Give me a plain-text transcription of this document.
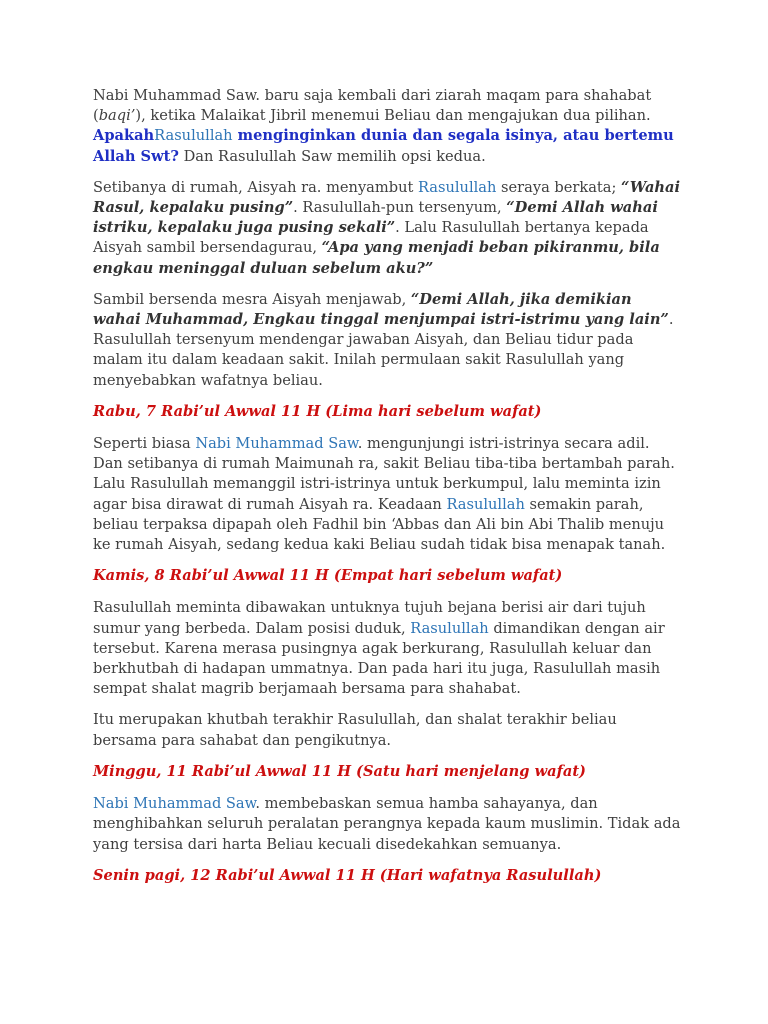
Nabi Muhammad Saw. baru saja kembali dari ziarah maqam para shahabat (baqi’), ketika Malaikat Jibril menemui Beliau dan mengajukan dua pilihan. ApakahRasulullah menginginkan dunia dan segala isinya, atau bertemu Allah Swt? Dan Rasulullah Saw memilih opsi kedua.

Setibanya di rumah, Aisyah ra. menyambut Rasulullah seraya berkata; “Wahai Rasul, kepalaku pusing”. Rasulullah-pun tersenyum, “Demi Allah wahai istriku, kepalaku juga pusing sekali”. Lalu Rasulullah bertanya kepada Aisyah sambil bersendagurau, “Apa yang menjadi beban pikiranmu, bila engkau meninggal duluan sebelum aku?”

Sambil bersenda mesra Aisyah menjawab, “Demi Allah, jika demikian wahai Muhammad, Engkau tinggal menjumpai istri-istrimu yang lain”. Rasulullah tersenyum mendengar jawaban Aisyah, dan Beliau tidur pada malam itu dalam keadaan sakit. Inilah permulaan sakit Rasulullah yang menyebabkan wafatnya beliau.

Rabu, 7 Rabi’ul Awwal 11 H (Lima hari sebelum wafat)

Seperti biasa Nabi Muhammad Saw. mengunjungi istri-istrinya secara adil. Dan setibanya di rumah Maimunah ra, sakit Beliau tiba-tiba bertambah parah. Lalu Rasulullah memanggil istri-istrinya untuk berkumpul, lalu meminta izin agar bisa dirawat di rumah Aisyah ra. Keadaan Rasulullah semakin parah, beliau terpaksa dipapah oleh Fadhil bin ‘Abbas dan Ali bin Abi Thalib menuju ke rumah Aisyah, sedang kedua kaki Beliau sudah tidak bisa menapak tanah.

Kamis, 8 Rabi’ul Awwal 11 H (Empat hari sebelum wafat)

Rasulullah meminta dibawakan untuknya tujuh bejana berisi air dari tujuh sumur yang berbeda. Dalam posisi duduk, Rasulullah dimandikan dengan air tersebut. Karena merasa pusingnya agak berkurang, Rasulullah keluar dan berkhutbah di hadapan ummatnya. Dan pada hari itu juga, Rasulullah masih sempat shalat magrib berjamaah bersama para shahabat.

Itu merupakan khutbah terakhir Rasulullah, dan shalat terakhir beliau bersama para sahabat dan pengikutnya.

Minggu, 11 Rabi’ul Awwal 11 H (Satu hari menjelang wafat)

Nabi Muhammad Saw. membebaskan semua hamba sahayanya, dan menghibahkan seluruh peralatan perangnya kepada kaum muslimin. Tidak ada yang tersisa dari harta Beliau kecuali disedekahkan semuanya.

Senin pagi, 12 Rabi’ul Awwal 11 H (Hari wafatnya Rasulullah)
